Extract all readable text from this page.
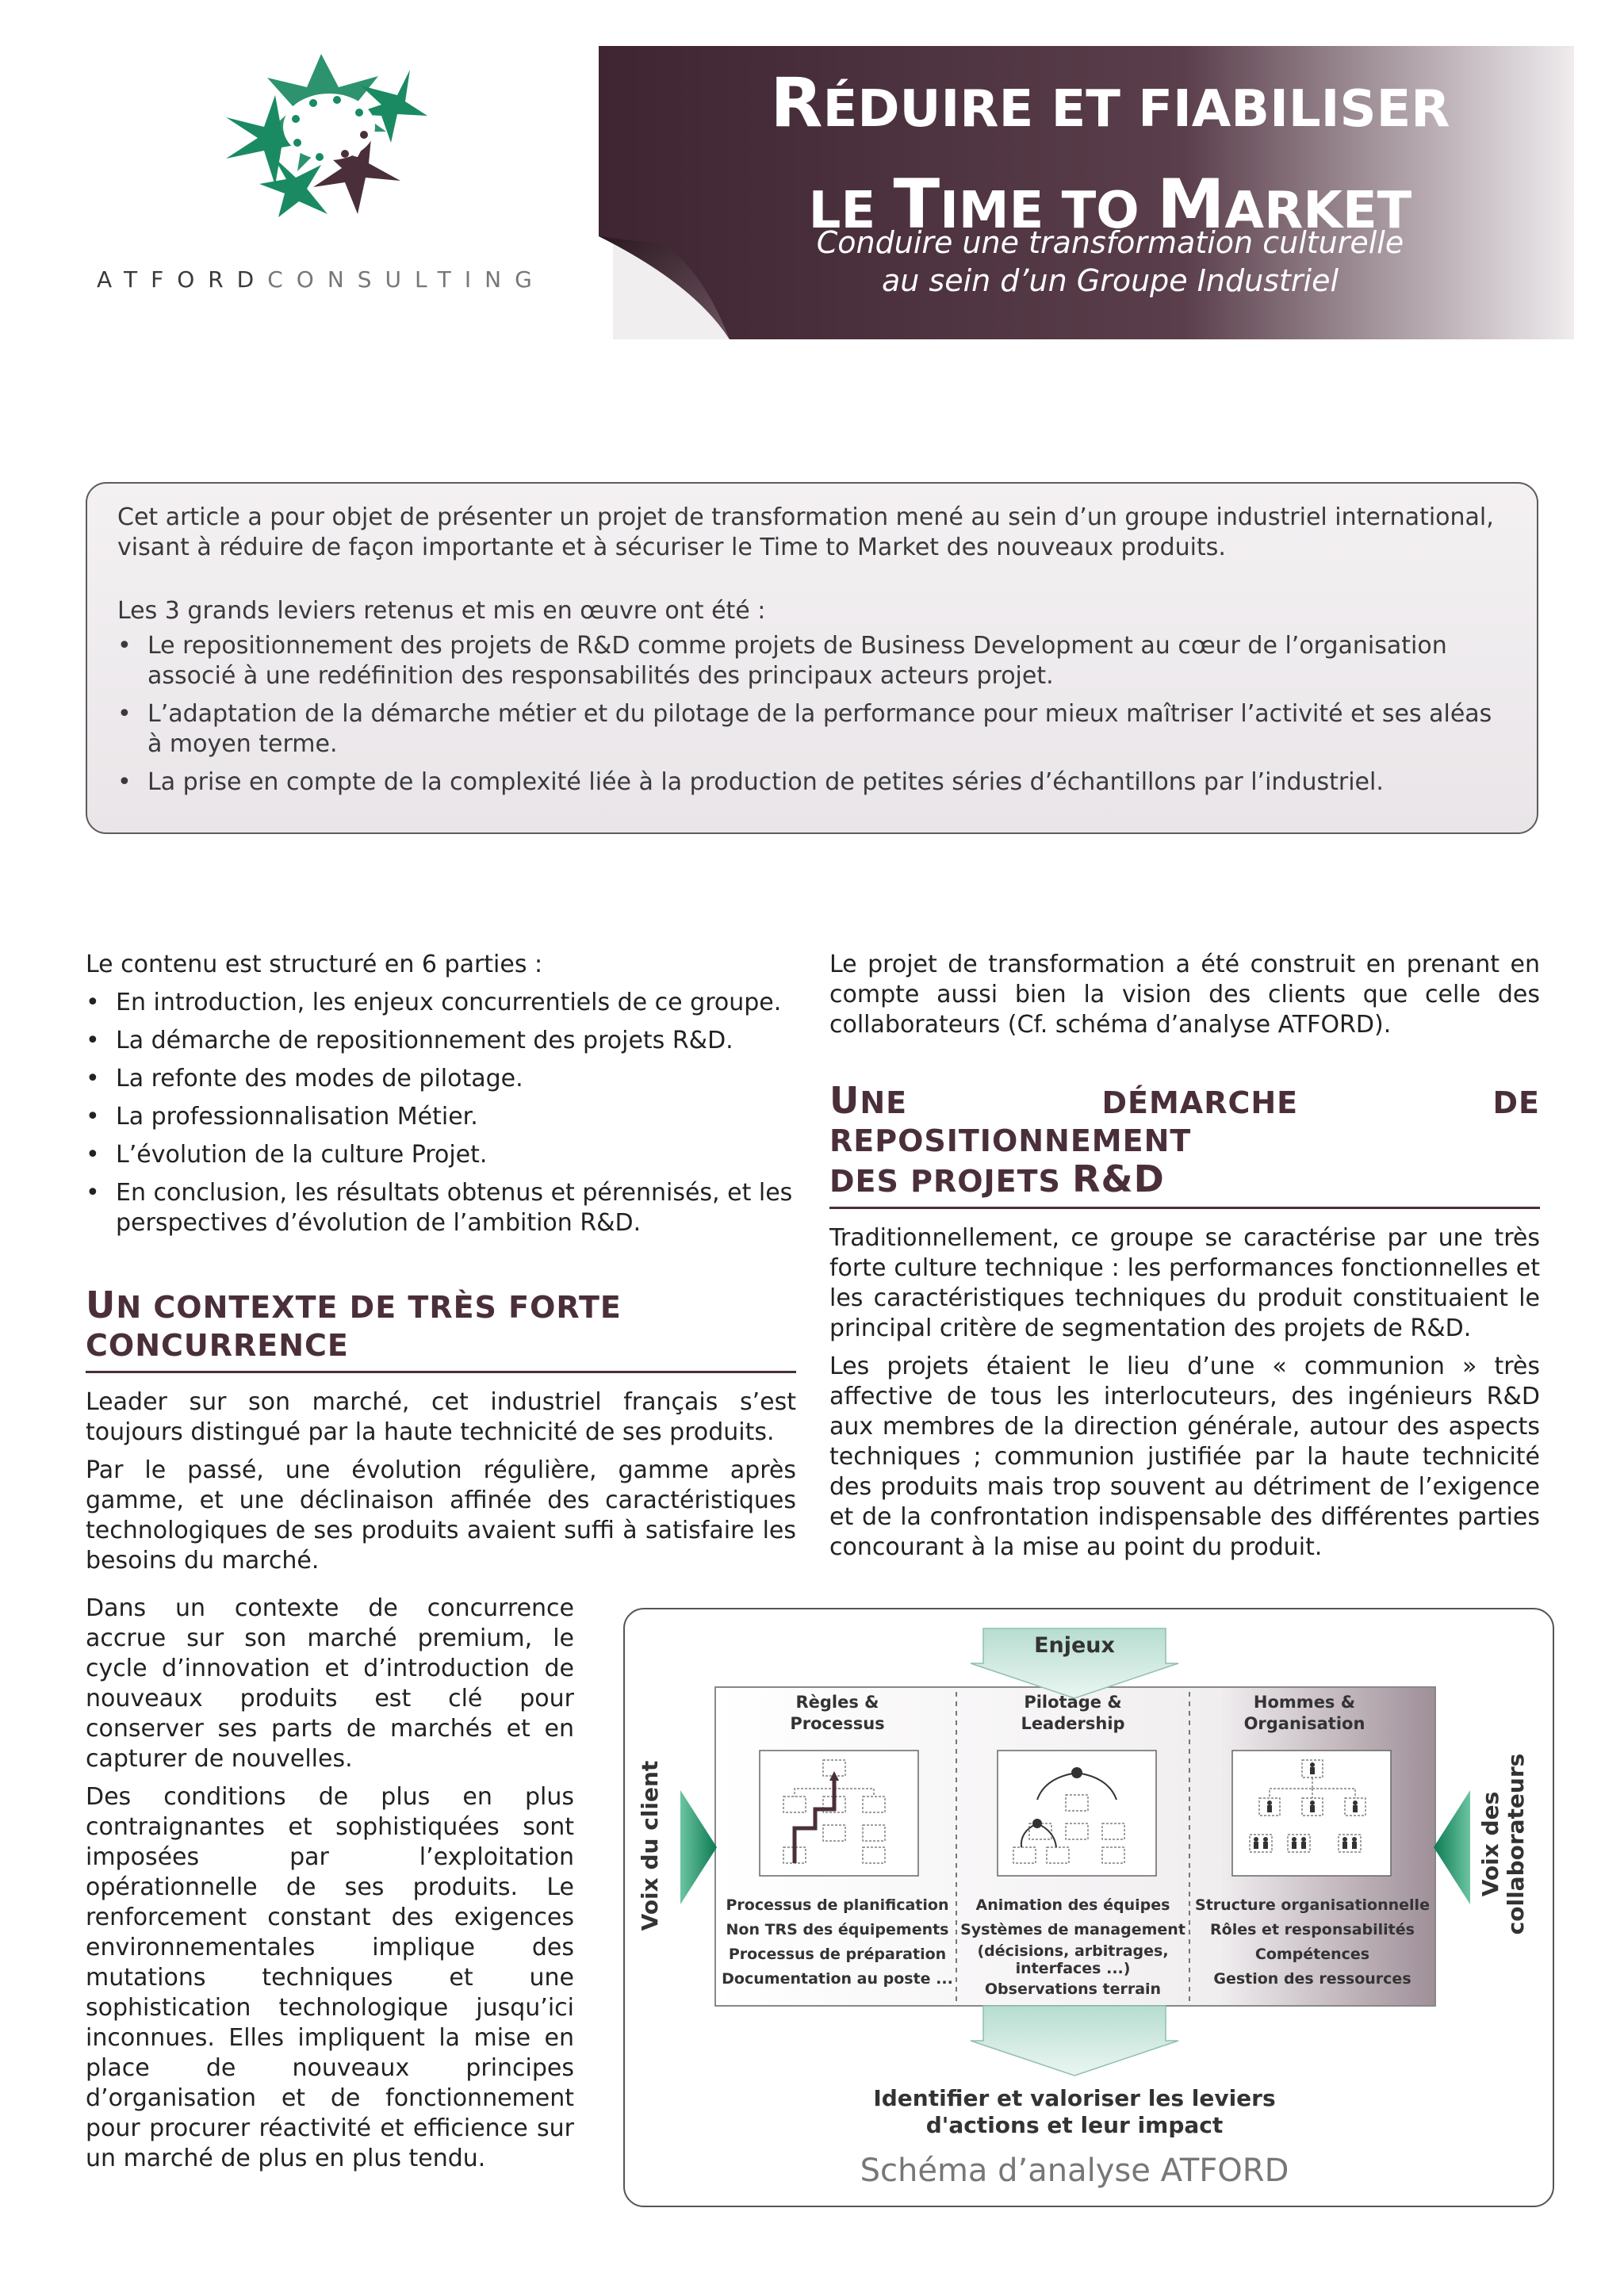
ATFORDCONSULTING
RÉDUIRE ET FIABILISER
LE TIME TO MARKET
Conduire une transformation culturelle
au sein d’un Groupe Industriel

Cet article a pour objet de présenter un projet de transformation mené au sein d’un groupe industriel international, visant à réduire de façon importante et à sécuriser le Time to Market des nouveaux produits.

Les 3 grands leviers retenus et mis en œuvre ont été :

• Le repositionnement des projets de R&D comme projets de Business Development au cœur de l’organisation associé à une redéfinition des responsabilités des principaux acteurs projet.
• L’adaptation de la démarche métier et du pilotage de la performance pour mieux maîtriser l’activité et ses aléas à moyen terme.
• La prise en compte de la complexité liée à la production de petites séries d’échantillons par l’industriel.

Le contenu est structuré en 6 parties :

• En introduction, les enjeux concurrentiels de ce groupe.
• La démarche de repositionnement des projets R&D.
• La refonte des modes de pilotage.
• La professionnalisation Métier.
• L’évolution de la culture Projet.
• En conclusion, les résultats obtenus et pérennisés, et les perspectives d’évolution de l’ambition R&D.
UN CONTEXTE DE TRÈS FORTE
CONCURRENCE

Leader sur son marché, cet industriel français s’est toujours distingué par la haute technicité de ses produits.

Par le passé, une évolution régulière, gamme après gamme, et une déclinaison affinée des caractéristiques technologiques de ses produits avaient suffi à satisfaire les besoins du marché.

Dans un contexte de concurrence accrue sur son marché premium, le cycle d’innovation et d’introduction de nouveaux produits est clé pour conserver ses parts de marchés et en capturer de nouvelles.

Des conditions de plus en plus contraignantes et sophistiquées sont imposées par l’exploitation opérationnelle de ses produits. Le renforcement constant des exigences environnementales implique des mutations techniques et une sophistication technologique jusqu’ici inconnues. Elles impliquent la mise en place de nouveaux principes d’organisation et de fonctionnement pour procurer réactivité et efficience sur un marché de plus en plus tendu.

Le projet de transformation a été construit en prenant en compte aussi bien la vision des clients que celle des collaborateurs (Cf. schéma d’analyse ATFORD).

UNE DÉMARCHE DE REPOSITIONNEMENT
DES PROJETS R&D

Traditionnellement, ce groupe se caractérise par une très forte culture technique : les performances fonctionnelles et les caractéristiques techniques du produit constituaient le principal critère de segmentation des projets de R&D.

Les projets étaient le lieu d’une « communion » très affective de tous les interlocuteurs, des ingénieurs R&D aux membres de la direction générale, autour des aspects techniques ; communion justifiée par la haute technicité des produits mais trop souvent au détriment de l’exigence et de la confrontation indispensable des différentes parties concourant à la mise au point du produit.

Enjeux
Règles &
Processus
Pilotage &
Leadership
Hommes &
Organisation
Processus de planification
Non TRS des équipements
Processus de préparation
Documentation au poste ...
Animation des équipes
Systèmes de management
(décisions, arbitrages,
interfaces ...)
Observations terrain
Structure organisationnelle
Rôles et responsabilités
Compétences
Gestion des ressources
Voix du client	Voix des collaborateurs
Identifier et valoriser les leviers
d'actions et leur impact
Schéma d’analyse ATFORD
